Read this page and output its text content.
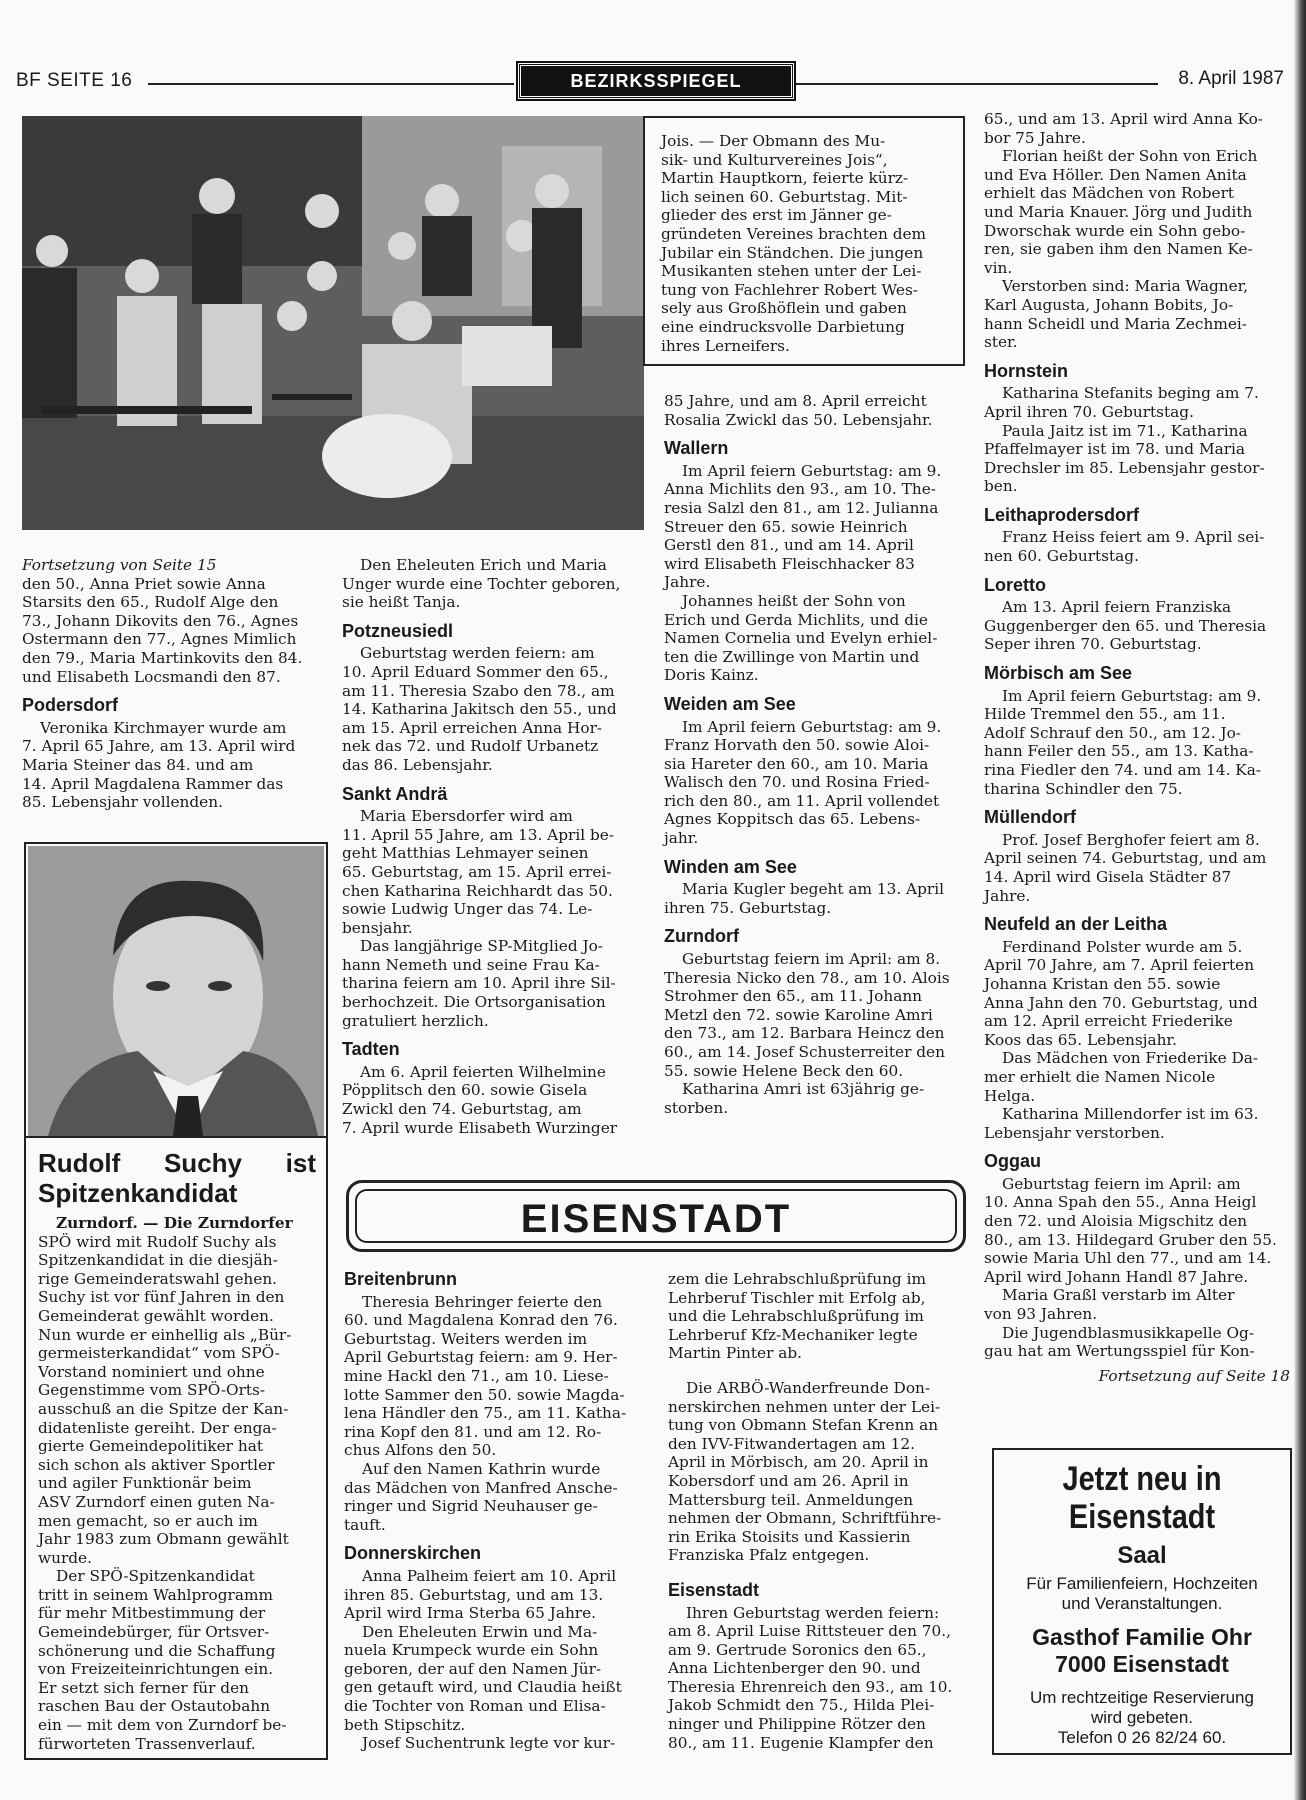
BF SEITE 16	BEZIRKSSPIEGEL	8. April 1987

Jois. — Der Obmann des Mu-

sik- und Kulturvereines Jois“,

Martin Hauptkorn, feierte kürz-

lich seinen 60. Geburtstag. Mit-

glieder des erst im Jänner ge-

gründeten Vereines brachten dem

Jubilar ein Ständchen. Die jungen

Musikanten stehen unter der Lei-

tung von Fachlehrer Robert Wes-

sely aus Großhöflein und gaben

eine eindrucksvolle Darbietung

ihres Lerneifers.

Fortsetzung von Seite 15

den 50., Anna Priet sowie Anna

Starsits den 65., Rudolf Alge den

73., Johann Dikovits den 76., Agnes

Ostermann den 77., Agnes Mimlich

den 79., Maria Martinkovits den 84.

und Elisabeth Locsmandi den 87.

Podersdorf

Veronika Kirchmayer wurde am

7. April 65 Jahre, am 13. April wird

Maria Steiner das 84. und am

14. April Magdalena Rammer das

85. Lebensjahr vollenden.

Rudolf Suchy ist Spitzenkandidat

Zurndorf. — Die Zurndorfer

SPÖ wird mit Rudolf Suchy als

Spitzenkandidat in die diesjäh-

rige Gemeinderatswahl gehen.

Suchy ist vor fünf Jahren in den

Gemeinderat gewählt worden.

Nun wurde er einhellig als „Bür-

germeisterkandidat“ vom SPÖ-

Vorstand nominiert und ohne

Gegenstimme vom SPÖ-Orts-

ausschuß an die Spitze der Kan-

didatenliste gereiht. Der enga-

gierte Gemeindepolitiker hat

sich schon als aktiver Sportler

und agiler Funktionär beim

ASV Zurndorf einen guten Na-

men gemacht, so er auch im

Jahr 1983 zum Obmann gewählt

wurde.

Der SPÖ-Spitzenkandidat

tritt in seinem Wahlprogramm

für mehr Mitbestimmung der

Gemeindebürger, für Ortsver-

schönerung und die Schaffung

von Freizeiteinrichtungen ein.

Er setzt sich ferner für den

raschen Bau der Ostautobahn

ein — mit dem von Zurndorf be-

fürworteten Trassenverlauf.

Den Eheleuten Erich und Maria

Unger wurde eine Tochter geboren,

sie heißt Tanja.

Potzneusiedl

Geburtstag werden feiern: am

10. April Eduard Sommer den 65.,

am 11. Theresia Szabo den 78., am

14. Katharina Jakitsch den 55., und

am 15. April erreichen Anna Hor-

nek das 72. und Rudolf Urbanetz

das 86. Lebensjahr.

Sankt Andrä

Maria Ebersdorfer wird am

11. April 55 Jahre, am 13. April be-

geht Matthias Lehmayer seinen

65. Geburtstag, am 15. April errei-

chen Katharina Reichhardt das 50.

sowie Ludwig Unger das 74. Le-

bensjahr.

Das langjährige SP-Mitglied Jo-

hann Nemeth und seine Frau Ka-

tharina feiern am 10. April ihre Sil-

berhochzeit. Die Ortsorganisation

gratuliert herzlich.

Tadten

Am 6. April feierten Wilhelmine

Pöpplitsch den 60. sowie Gisela

Zwickl den 74. Geburtstag, am

7. April wurde Elisabeth Wurzinger

85 Jahre, und am 8. April erreicht

Rosalia Zwickl das 50. Lebensjahr.

Wallern

Im April feiern Geburtstag: am 9.

Anna Michlits den 93., am 10. The-

resia Salzl den 81., am 12. Julianna

Streuer den 65. sowie Heinrich

Gerstl den 81., und am 14. April

wird Elisabeth Fleischhacker 83

Jahre.

Johannes heißt der Sohn von

Erich und Gerda Michlits, und die

Namen Cornelia und Evelyn erhiel-

ten die Zwillinge von Martin und

Doris Kainz.

Weiden am See

Im April feiern Geburtstag: am 9.

Franz Horvath den 50. sowie Aloi-

sia Hareter den 60., am 10. Maria

Walisch den 70. und Rosina Fried-

rich den 80., am 11. April vollendet

Agnes Koppitsch das 65. Lebens-

jahr.

Winden am See

Maria Kugler begeht am 13. April

ihren 75. Geburtstag.

Zurndorf

Geburtstag feiern im April: am 8.

Theresia Nicko den 78., am 10. Alois

Strohmer den 65., am 11. Johann

Metzl den 72. sowie Karoline Amri

den 73., am 12. Barbara Heincz den

60., am 14. Josef Schusterreiter den

55. sowie Helene Beck den 60.

Katharina Amri ist 63jährig ge-

storben.

65., und am 13. April wird Anna Ko-

bor 75 Jahre.

Florian heißt der Sohn von Erich

und Eva Höller. Den Namen Anita

erhielt das Mädchen von Robert

und Maria Knauer. Jörg und Judith

Dworschak wurde ein Sohn gebo-

ren, sie gaben ihm den Namen Ke-

vin.

Verstorben sind: Maria Wagner,

Karl Augusta, Johann Bobits, Jo-

hann Scheidl und Maria Zechmei-

ster.

Hornstein

Katharina Stefanits begіng am 7.

April ihren 70. Geburtstag.

Paula Jaitz ist im 71., Katharina

Pfaffelmayer ist im 78. und Maria

Drechsler im 85. Lebensjahr gestor-

ben.

Leithaprodersdorf

Franz Heiss feiert am 9. April sei-

nen 60. Geburtstag.

Loretto

Am 13. April feiern Franziska

Guggenberger den 65. und Theresia

Seper ihren 70. Geburtstag.

Mörbisch am See

Im April feiern Geburtstag: am 9.

Hilde Tremmel den 55., am 11.

Adolf Schrauf den 50., am 12. Jo-

hann Feiler den 55., am 13. Katha-

rina Fiedler den 74. und am 14. Ka-

tharina Schindler den 75.

Müllendorf

Prof. Josef Berghofer feiert am 8.

April seinen 74. Geburtstag, und am

14. April wird Gisela Städter 87

Jahre.

Neufeld an der Leitha

Ferdinand Polster wurde am 5.

April 70 Jahre, am 7. April feierten

Johanna Kristan den 55. sowie

Anna Jahn den 70. Geburtstag, und

am 12. April erreicht Friederike

Koos das 65. Lebensjahr.

Das Mädchen von Friederike Da-

mer erhielt die Namen Nicole

Helga.

Katharina Millendorfer ist im 63.

Lebensjahr verstorben.

Oggau

Geburtstag feiern im April: am

10. Anna Spah den 55., Anna Heigl

den 72. und Aloisia Migschitz den

80., am 13. Hildegard Gruber den 55.

sowie Maria Uhl den 77., und am 14.

April wird Johann Handl 87 Jahre.

Maria Graßl verstarb im Alter

von 93 Jahren.

Die Jugendblasmusikkapelle Og-

gau hat am Wertungsspiel für Kon-

Fortsetzung auf Seite 18

EISENSTADT
Breitenbrunn

Theresia Behringer feierte den

60. und Magdalena Konrad den 76.

Geburtstag. Weiters werden im

April Geburtstag feiern: am 9. Her-

mine Hackl den 71., am 10. Liese-

lotte Sammer den 50. sowie Magda-

lena Händler den 75., am 11. Katha-

rina Kopf den 81. und am 12. Ro-

chus Alfons den 50.

Auf den Namen Kathrin wurde

das Mädchen von Manfred Ansche-

ringer und Sigrid Neuhauser ge-

tauft.

Donnerskirchen

Anna Palheim feiert am 10. April

ihren 85. Geburtstag, und am 13.

April wird Irma Sterba 65 Jahre.

Den Eheleuten Erwin und Ma-

nuela Krumpeck wurde ein Sohn

geboren, der auf den Namen Jür-

gen getauft wird, und Claudia heißt

die Tochter von Roman und Elisa-

beth Stipschitz.

Josef Suchentrunk legte vor kur-

zem die Lehrabschlußprüfung im

Lehrberuf Tischler mit Erfolg ab,

und die Lehrabschlußprüfung im

Lehrberuf Kfz-Mechaniker legte

Martin Pinter ab.

Die ARBÖ-Wanderfreunde Don-

nerskirchen nehmen unter der Lei-

tung von Obmann Stefan Krenn an

den IVV-Fitwandertagen am 12.

April in Mörbisch, am 20. April in

Kobersdorf und am 26. April in

Mattersburg teil. Anmeldungen

nehmen der Obmann, Schriftführe-

rin Erika Stoisits und Kassierin

Franziska Pfalz entgegen.

Eisenstadt

Ihren Geburtstag werden feiern:

am 8. April Luise Rittsteuer den 70.,

am 9. Gertrude Soronics den 65.,

Anna Lichtenberger den 90. und

Theresia Ehrenreich den 93., am 10.

Jakob Schmidt den 75., Hilda Plei-

ninger und Philippine Rötzer den

80., am 11. Eugenie Klampfer den

Jetzt neu in
Eisenstadt
Saal
Für Familienfeiern, Hochzeiten
und Veranstaltungen.
Gasthof Familie Ohr
7000 Eisenstadt
Um rechtzeitige Reservierung
wird gebeten.
Telefon 0 26 82/24 60.
